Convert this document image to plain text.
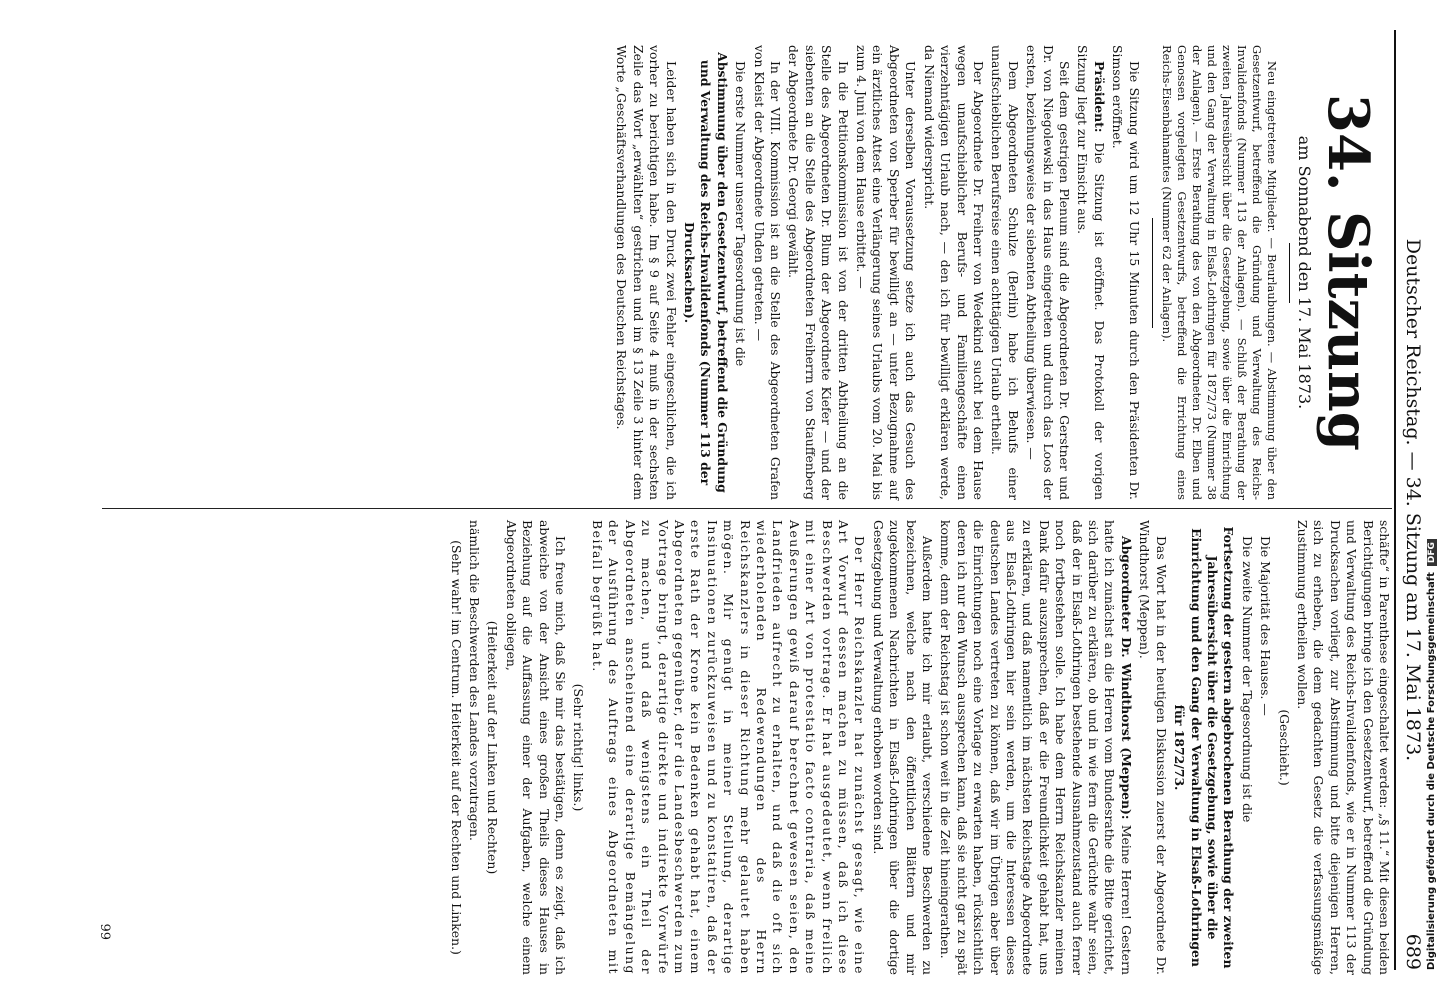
Deutscher Reichstag. — 34. Sitzung am 17. Mai 1873.
689
34. Sitzung
am Sonnabend den 17. Mai 1873.

Neu eingetretene Mitglieder. — Beurlaubungen. — Abstimmung über den Gesetzentwurf, betreffend die Gründung und Verwaltung des Reichs-Invalidenfonds (Nummer 113 der Anlagen). — Schluß der Berathung der zweiten Jahresübersicht über die Gesetzgebung, sowie über die Einrichtung und den Gang der Verwaltung in Elsaß-Lothringen für 1872/73 (Nummer 38 der Anlagen). — Erste Berathung des von den Abgeordneten Dr. Elben und Genossen vorgelegten Gesetzentwurfs, betreffend die Errichtung eines Reichs-Eisenbahnamtes (Nummer 62 der Anlagen).

Die Sitzung wird um 12 Uhr 15 Minuten durch den Präsidenten Dr. Simson eröffnet.

Präsident: Die Sitzung ist eröffnet. Das Protokoll der vorigen Sitzung liegt zur Einsicht aus.

Seit dem gestrigen Plenum sind die Abgeordneten Dr. Gerstner und Dr. von Niegolewski in das Haus eingetreten und durch das Loos der ersten, beziehungsweise der siebenten Abtheilung überwiesen. —

Dem Abgeordneten Schulze (Berlin) habe ich Behufs einer unaufschieblichen Berufsreise einen achttägigen Urlaub ertheilt.

Der Abgeordnete Dr. Freiherr von Wedekind sucht bei dem Hause wegen unaufschieblicher Berufs- und Familiengeschäfte einen vierzehntägigen Urlaub nach, — den ich für bewilligt erklären werde, da Niemand widerspricht.

Unter derselben Voraussetzung setze ich auch das Gesuch des Abgeordneten von Sperber für bewilligt an — unter Bezugnahme auf ein ärztliches Attest eine Verlängerung seines Urlaubs vom 20. Mai bis zum 4. Juni von dem Hause erbittet. —

In die Petitionskommission ist von der dritten Abtheilung an die Stelle des Abgeordneten Dr. Blum der Abgeordnete Kiefer — und der siebenten an die Stelle des Abgeordneten Freiherrn von Stauffenberg der Abgeordnete Dr. Georgi gewählt.

In der VIII. Kommission ist an die Stelle des Abgeordneten Grafen von Kleist der Abgeordnete Uhden getreten. —

Die erste Nummer unserer Tagesordnung ist die

Abstimmung über den Gesetzentwurf, betreffend die Gründung und Verwaltung des Reichs-Invalidenfonds (Nummer 113 der Drucksachen).

Leider haben sich in den Druck zwei Fehler eingeschlichen, die ich vorher zu berichtigen habe. Im § 9 auf Seite 4 muß in der sechsten Zeile das Wort „erwählten“ gestrichen und im § 13 Zeile 3 hinter dem Worte „Geschäftsverhandlungen des Deutschen Reichstages.

schäfte“ in Parenthese eingeschaltet werden: „§ 11.“ Mit diesen beiden Berichtigungen bringe ich den Gesetzentwurf, betreffend die Gründung und Verwaltung des Reichs-Invalidenfonds, wie er in Nummer 113 der Drucksachen vorliegt, zur Abstimmung und bitte diejenigen Herren, sich zu erheben, die dem gedachten Gesetz die verfassungsmäßige Zustimmung ertheilen wollen.

(Geschieht.)

Die Majorität des Hauses. —

Die zweite Nummer der Tagesordnung ist die

Fortsetzung der gestern abgebrochenen Berathung der zweiten Jahresübersicht über die Gesetzgebung, sowie über die Einrichtung und den Gang der Verwaltung in Elsaß-Lothringen für 1872/73.

Das Wort hat in der heutigen Diskussion zuerst der Abgeordnete Dr. Windthorst (Meppen).

Abgeordneter Dr. Windthorst (Meppen): Meine Herren! Gestern hatte ich zunächst an die Herren vom Bundesrathe die Bitte gerichtet, sich darüber zu erklären, ob und in wie fern die Gerüchte wahr seien, daß der in Elsaß-Lothringen bestehende Ausnahmezustand auch ferner noch fortbestehen solle. Ich habe dem Herrn Reichskanzler meinen Dank dafür auszusprechen, daß er die Freundlichkeit gehabt hat, uns zu erklären, und daß namentlich im nächsten Reichstage Abgeordnete aus Elsaß-Lothringen hier sein werden, um die Interessen dieses deutschen Landes vertreten zu können, daß wir im Übrigen aber über die Einrichtungen noch eine Vorlage zu erwarten haben, rücksichtlich deren ich nur den Wunsch aussprechen kann, daß sie nicht gar zu spät komme, denn der Reichstag ist schon weit in die Zeit hineingerathen.

Außerdem hatte ich mir erlaubt, verschiedene Beschwerden zu bezeichnen, welche nach den öffentlichen Blättern und mir zugekommenen Nachrichten in Elsaß-Lothringen über die dortige Gesetzgebung und Verwaltung erhoben worden sind.

Der Herr Reichskanzler hat zunächst gesagt, wie eine Art Vorwurf dessen machen zu müssen, daß ich diese Beschwerden vortrage. Er hat ausgedeutet, wenn freilich mit einer Art von protestatio facto contraria, daß meine Aeußerungen gewiß darauf berechnet gewesen seien, den Landfrieden aufrecht zu erhalten, und daß die oft sich wiederholenden Redewendungen des Herrn Reichskanzlers in dieser Richtung mehr gelautet haben mögen. Mir genügt in meiner Stellung, derartige Insinuationen zurückzuweisen und zu konstatiren, daß der erste Rath der Krone kein Bedenken gehabt hat, einem Abgeordneten gegenüber, der die Landesbeschwerden zum Vortrage bringt, derartige direkte und indirekte Vorwürfe zu machen, und daß wenigstens ein Theil der Abgeordneten anscheinend eine derartige Bemängelung der Ausführung des Auftrags eines Abgeordneten mit Beifall begrüßt hat.

(Sehr richtig! links.)

Ich freue mich, daß Sie mir das bestätigen, denn es zeigt, daß ich abweiche von der Ansicht eines großen Theils dieses Hauses in Beziehung auf die Auffassung einer der Aufgaben, welche einem Abgeordneten obliegen,

(Heiterkeit auf der Linken und Rechten)

nämlich die Beschwerden des Landes vorzutragen.

(Sehr wahr! im Centrum. Heiterkeit auf der Rechten und Linken.)

99	Digitalisierung gefördert durch die Deutsche ForschungsgemeinschaftDFG
